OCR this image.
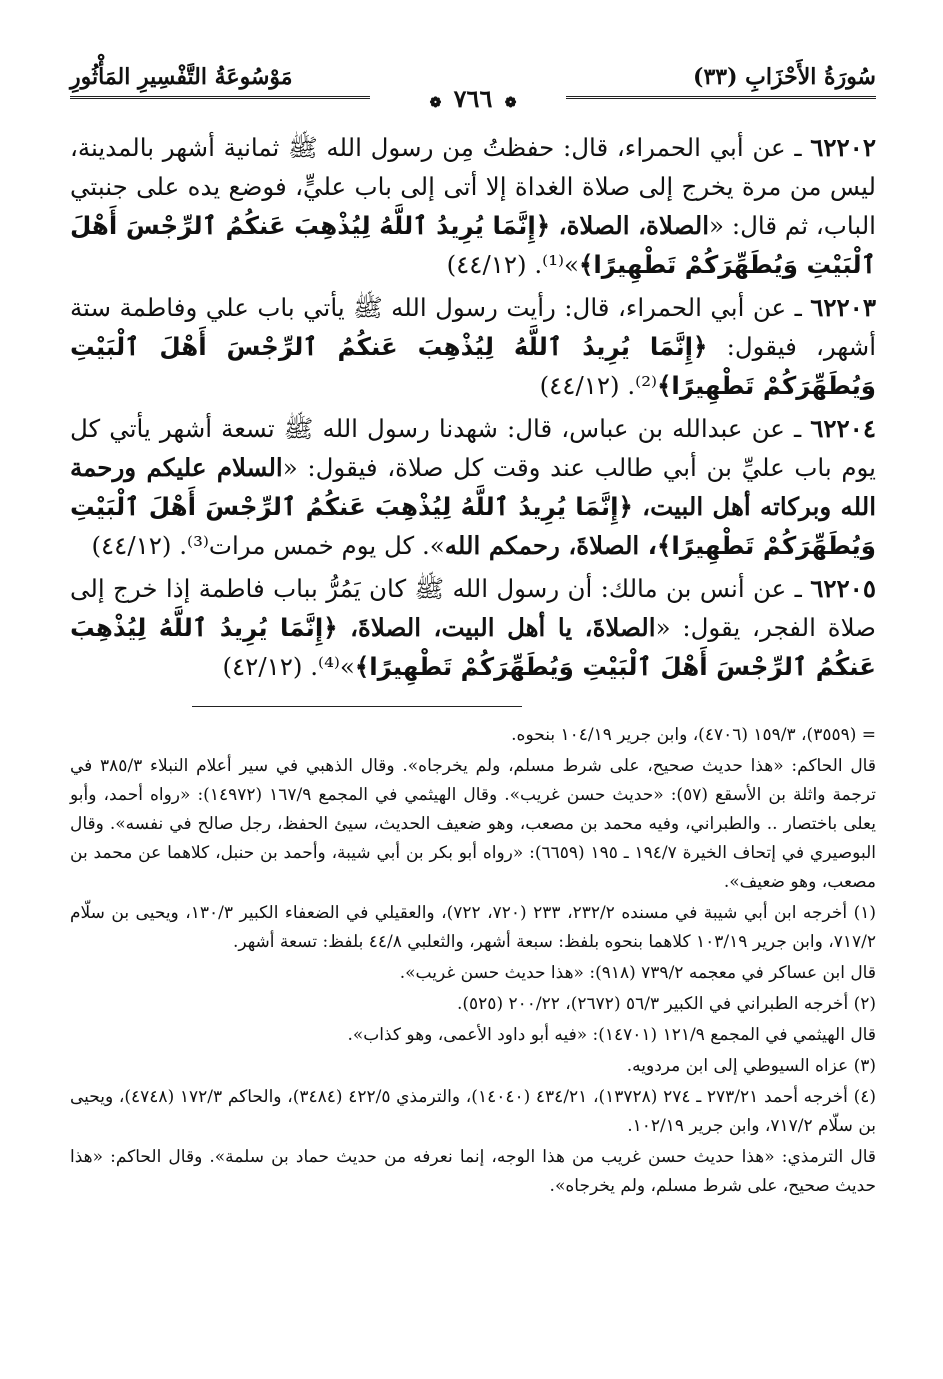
سُورَةُ الأَحْزَابِ (٣٣)
مَوْسُوعَةُ التَّفْسِيرِ المَأْثُورِ
❁ ٧٦٦ ❁

٦٢٢٠٢ ـ عن أبي الحمراء، قال: حفظتُ مِن رسول الله ﷺ ثمانية أشهر بالمدينة، ليس من مرة يخرج إلى صلاة الغداة إلا أتى إلى باب عليٍّ، فوضع يده على جنبتي الباب، ثم قال: «الصلاة، الصلاة، ﴿إِنَّمَا يُرِيدُ ٱللَّهُ لِيُذْهِبَ عَنكُمُ ٱلرِّجْسَ أَهْلَ ٱلْبَيْتِ وَيُطَهِّرَكُمْ تَطْهِيرًا﴾»⁽¹⁾. (٤٤/١٢)

٦٢٢٠٣ ـ عن أبي الحمراء، قال: رأيت رسول الله ﷺ يأتي باب علي وفاطمة ستة أشهر، فيقول: ﴿إِنَّمَا يُرِيدُ ٱللَّهُ لِيُذْهِبَ عَنكُمُ ٱلرِّجْسَ أَهْلَ ٱلْبَيْتِ وَيُطَهِّرَكُمْ تَطْهِيرًا﴾⁽²⁾. (٤٤/١٢)

٦٢٢٠٤ ـ عن عبدالله بن عباس، قال: شهدنا رسول الله ﷺ تسعة أشهر يأتي كل يوم باب عليِّ بن أبي طالب عند وقت كل صلاة، فيقول: «السلام عليكم ورحمة الله وبركاته أهل البيت، ﴿إِنَّمَا يُرِيدُ ٱللَّهُ لِيُذْهِبَ عَنكُمُ ٱلرِّجْسَ أَهْلَ ٱلْبَيْتِ وَيُطَهِّرَكُمْ تَطْهِيرًا﴾، الصلاةَ، رحمكم الله». كل يوم خمس مرات⁽³⁾. (٤٤/١٢)

٦٢٢٠٥ ـ عن أنس بن مالك: أن رسول الله ﷺ كان يَمُرُّ بباب فاطمة إذا خرج إلى صلاة الفجر، يقول: «الصلاةَ، يا أهل البيت، الصلاةَ، ﴿إِنَّمَا يُرِيدُ ٱللَّهُ لِيُذْهِبَ عَنكُمُ ٱلرِّجْسَ أَهْلَ ٱلْبَيْتِ وَيُطَهِّرَكُمْ تَطْهِيرًا﴾»⁽⁴⁾. (٤٢/١٢)

= (٣٥٥٩)، ١٥٩/٣ (٤٧٠٦)، وابن جرير ١٠٤/١٩ بنحوه.

قال الحاكم: «هذا حديث صحيح، على شرط مسلم، ولم يخرجاه». وقال الذهبي في سير أعلام النبلاء ٣٨٥/٣ في ترجمة واثلة بن الأسقع (٥٧): «حديث حسن غريب». وقال الهيثمي في المجمع ١٦٧/٩ (١٤٩٧٢): «رواه أحمد، وأبو يعلى باختصار .. والطبراني، وفيه محمد بن مصعب، وهو ضعيف الحديث، سيئ الحفظ، رجل صالح في نفسه». وقال البوصيري في إتحاف الخيرة ١٩٤/٧ ـ ١٩٥ (٦٦٥٩): «رواه أبو بكر بن أبي شيبة، وأحمد بن حنبل، كلاهما عن محمد بن مصعب، وهو ضعيف».

(١) أخرجه ابن أبي شيبة في مسنده ٢٣٢/٢، ٢٣٣ (٧٢٠، ٧٢٢)، والعقيلي في الضعفاء الكبير ١٣٠/٣، ويحيى بن سلّام ٧١٧/٢، وابن جرير ١٠٣/١٩ كلاهما بنحوه بلفظ: سبعة أشهر، والثعلبي ٤٤/٨ بلفظ: تسعة أشهر.

قال ابن عساكر في معجمه ٧٣٩/٢ (٩١٨): «هذا حديث حسن غريب».

(٢) أخرجه الطبراني في الكبير ٥٦/٣ (٢٦٧٢)، ٢٠٠/٢٢ (٥٢٥).

قال الهيثمي في المجمع ١٢١/٩ (١٤٧٠١): «فيه أبو داود الأعمى، وهو كذاب».

(٣) عزاه السيوطي إلى ابن مردويه.

(٤) أخرجه أحمد ٢٧٣/٢١ ـ ٢٧٤ (١٣٧٢٨)، ٤٣٤/٢١ (١٤٠٤٠)، والترمذي ٤٢٢/٥ (٣٤٨٤)، والحاكم ١٧٢/٣ (٤٧٤٨)، ويحيى بن سلّام ٧١٧/٢، وابن جرير ١٠٢/١٩.

قال الترمذي: «هذا حديث حسن غريب من هذا الوجه، إنما نعرفه من حديث حماد بن سلمة». وقال الحاكم: «هذا حديث صحيح، على شرط مسلم، ولم يخرجاه».
